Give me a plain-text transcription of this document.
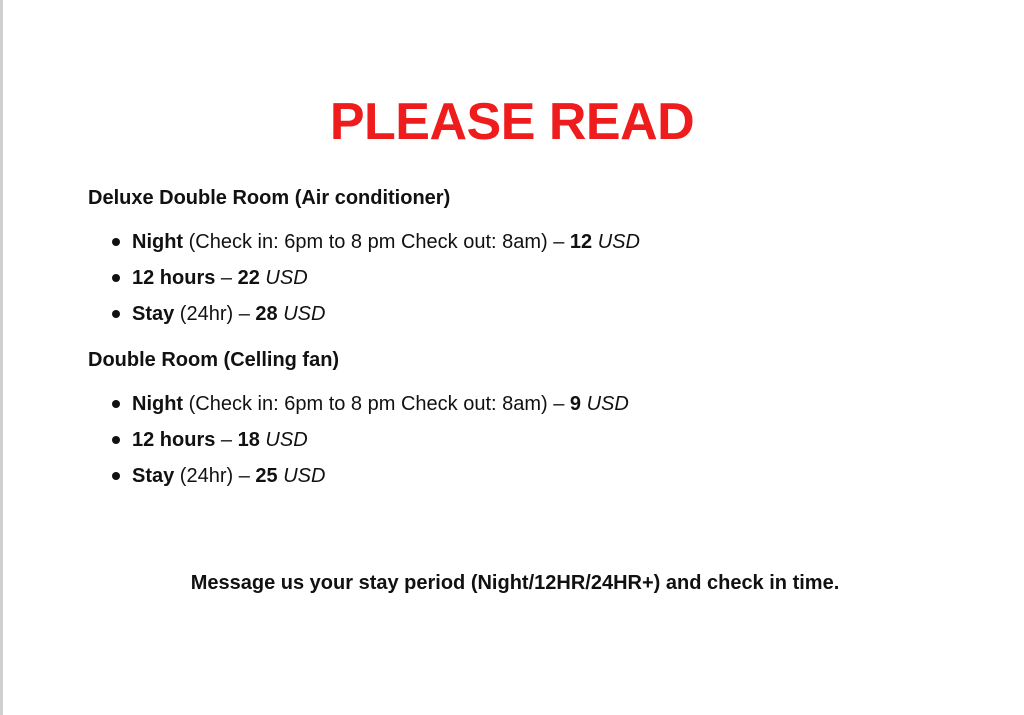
PLEASE READ

Deluxe Double Room (Air conditioner)

Night (Check in: 6pm to 8 pm Check out: 8am) – 12 USD
12 hours – 22 USD
Stay (24hr) – 28 USD

Double Room (Celling fan)

Night (Check in: 6pm to 8 pm Check out: 8am) – 9 USD
12 hours – 18 USD
Stay (24hr) – 25 USD
Message us your stay period (Night/12HR/24HR+) and check in time.
